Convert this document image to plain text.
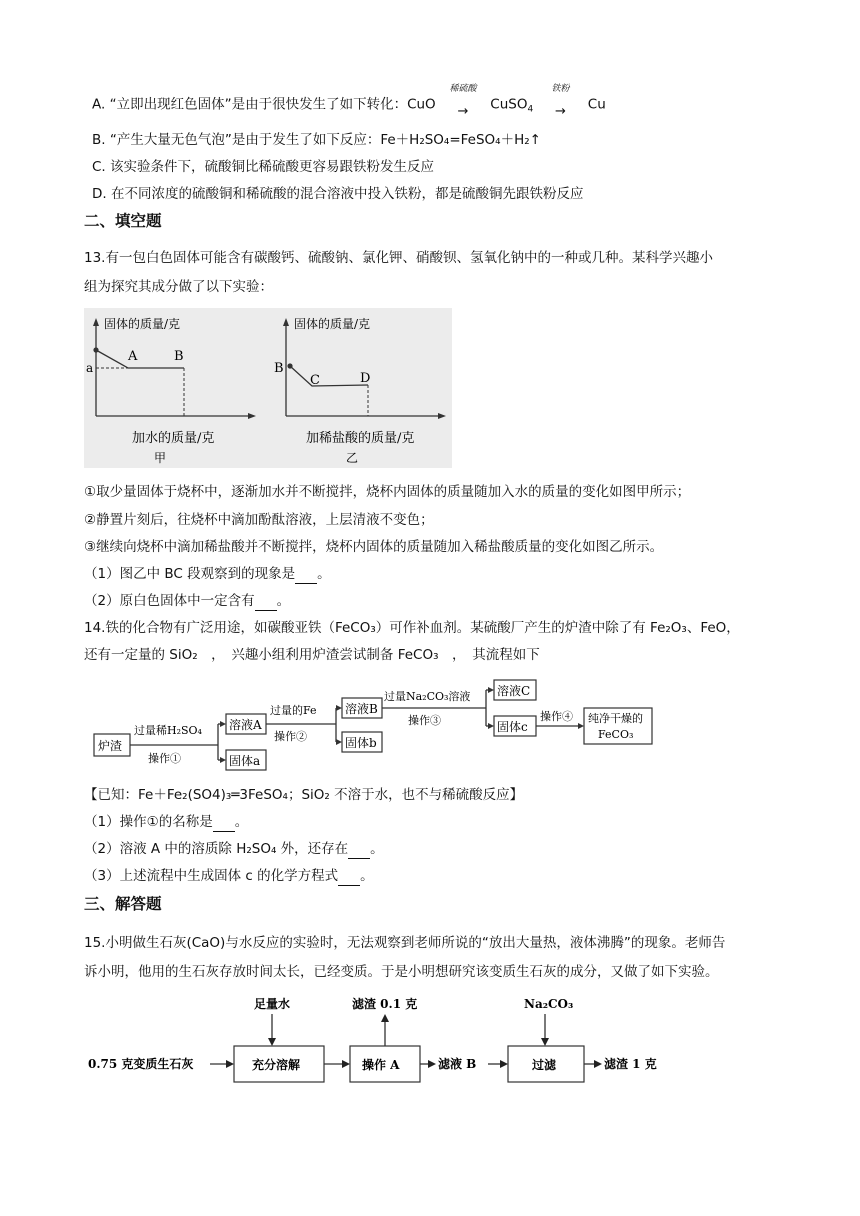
A. “立即出现红色固体”是由于很快发生了如下转化：CuO
稀硫酸
→ CuSO$_4$
铁粉
→ Cu
B. “产生大量无色气泡”是由于发生了如下反应：Fe＋H₂SO₄=FeSO₄＋H₂↑
C. 该实验条件下，硫酸铜比稀硫酸更容易跟铁粉发生反应
D. 在不同浓度的硫酸铜和稀硫酸的混合溶液中投入铁粉，都是硫酸铜先跟铁粉反应
二、填空题
13.有一包白色固体可能含有碳酸钙、硫酸钠、氯化钾、硝酸钡、氢氧化钠中的一种或几种。某科学兴趣小
组为探究其成分做了以下实验：
固体的质量/克
a
A	B
加水的质量/克
甲
固体的质量/克
B
C	D
加稀盐酸的质量/克
乙
①取少量固体于烧杯中，逐渐加水并不断搅拌，烧杯内固体的质量随加入水的质量的变化如图甲所示；
②静置片刻后，往烧杯中滴加酚酞溶液，上层清液不变色；
③继续向烧杯中滴加稀盐酸并不断搅拌，烧杯内固体的质量随加入稀盐酸质量的变化如图乙所示。
（1）图乙中 BC 段观察到的现象是 。
（2）原白色固体中一定含有 。
14.铁的化合物有广泛用途，如碳酸亚铁（FeCO₃）可作补血剂。某硫酸厂产生的炉渣中除了有 Fe₂O₃、FeO，
还有一定量的 SiO₂　，　兴趣小组利用炉渣尝试制备 FeCO₃　，　其流程如下
炉渣
过量稀H₂SO₄
操作①
溶液A
固体a
过量的Fe
操作②
溶液B
固体b
过量Na₂CO₃溶液
操作③
溶液C
固体c
操作④ 纯净干燥的
FeCO₃
【已知：Fe＋Fe₂(SO4)₃═3FeSO₄；SiO₂ 不溶于水，也不与稀硫酸反应】
（1）操作①的名称是 。
（2）溶液 A 中的溶质除 H₂SO₄ 外，还存在 。
（3）上述流程中生成固体 c 的化学方程式 。
三、解答题
15.小明做生石灰(CaO)与水反应的实验时，无法观察到老师所说的“放出大量热，液体沸腾”的现象。老师告
诉小明，他用的生石灰存放时间太长，已经变质。于是小明想研究该变质生石灰的成分，又做了如下实验。
0.75 克变质生石灰
足量水
充分溶解	操作 A
滤渣 0.1 克
滤液 B
Na₂CO₃
过滤	滤渣 1 克
